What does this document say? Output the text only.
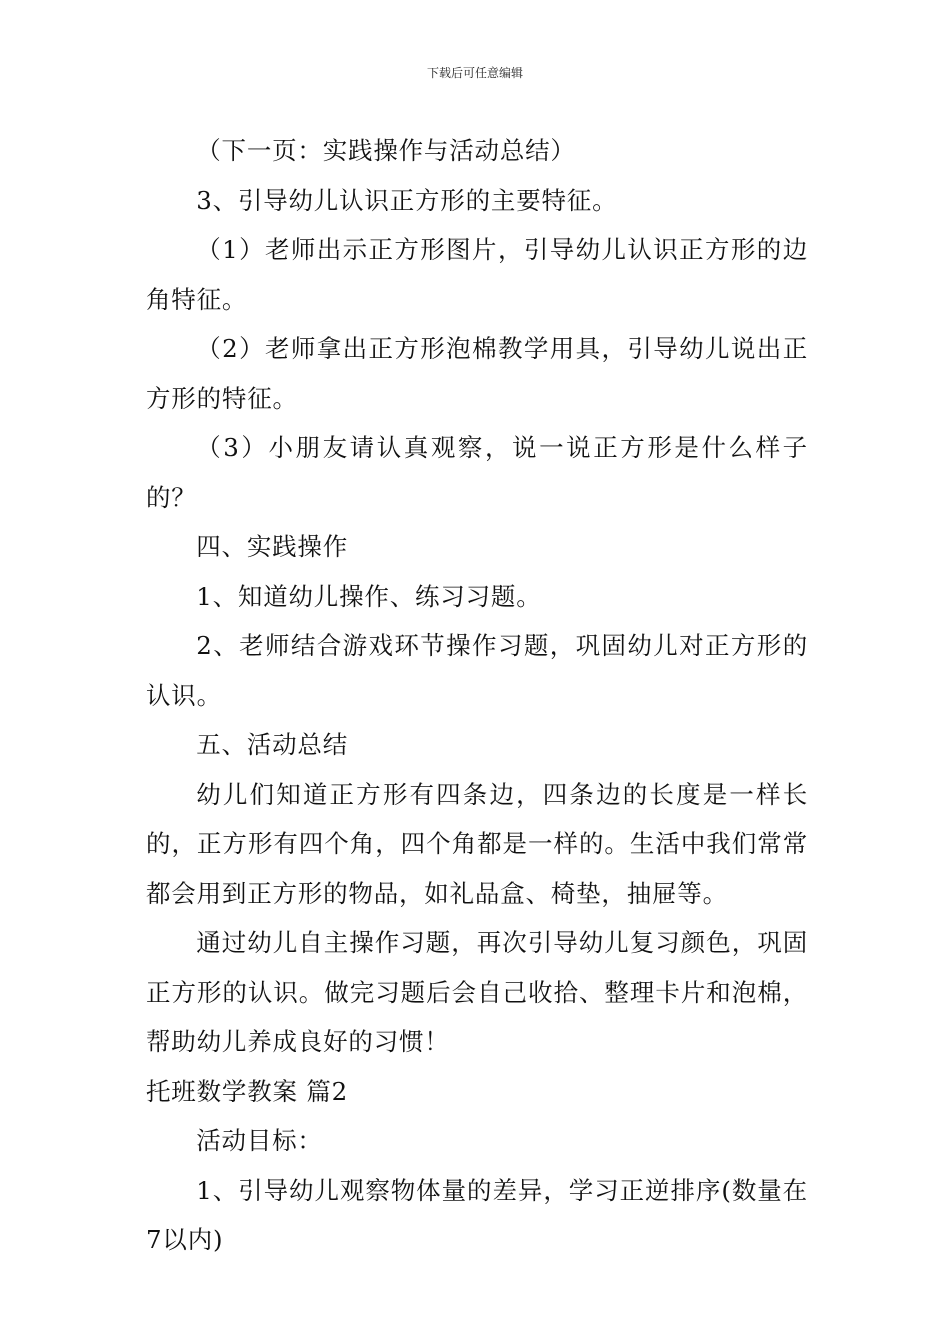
下载后可任意编辑

（下一页：实践操作与活动总结）

3、引导幼儿认识正方形的主要特征。

（1）老师出示正方形图片，引导幼儿认识正方形的边角特征。

（2）老师拿出正方形泡棉教学用具，引导幼儿说出正方形的特征。

（3）小朋友请认真观察，说一说正方形是什么样子的？

四、实践操作

1、知道幼儿操作、练习习题。

2、老师结合游戏环节操作习题，巩固幼儿对正方形的认识。

五、活动总结

幼儿们知道正方形有四条边，四条边的长度是一样长的，正方形有四个角，四个角都是一样的。生活中我们常常都会用到正方形的物品，如礼品盒、椅垫，抽屉等。

通过幼儿自主操作习题，再次引导幼儿复习颜色，巩固正方形的认识。做完习题后会自己收拾、整理卡片和泡棉，帮助幼儿养成良好的习惯！

托班数学教案 篇2

活动目标：

1、引导幼儿观察物体量的差异，学习正逆排序(数量在7以内)
